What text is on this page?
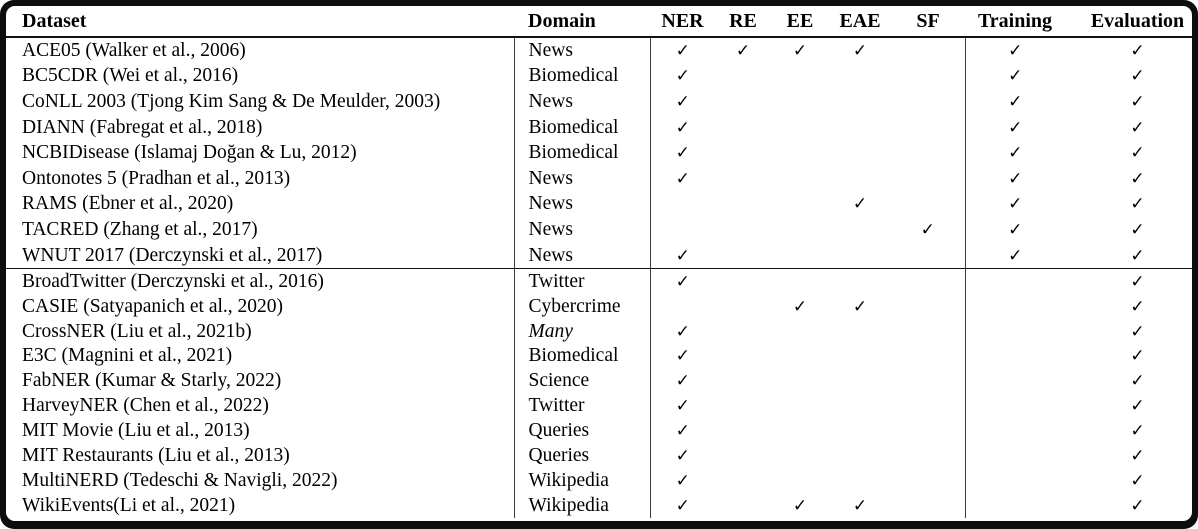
Dataset	Domain	NER	RE	EE	EAE	SF	Training	Evaluation
ACE05 (Walker et al., 2006)	News	✓	✓	✓	✓		✓	✓
BC5CDR (Wei et al., 2016)	Biomedical	✓					✓	✓
CoNLL 2003 (Tjong Kim Sang & De Meulder, 2003)	News	✓					✓	✓
DIANN (Fabregat et al., 2018)	Biomedical	✓					✓	✓
NCBIDisease (Islamaj Doğan & Lu, 2012)	Biomedical	✓					✓	✓
Ontonotes 5 (Pradhan et al., 2013)	News	✓					✓	✓
RAMS (Ebner et al., 2020)	News				✓		✓	✓
TACRED (Zhang et al., 2017)	News					✓	✓	✓
WNUT 2017 (Derczynski et al., 2017)	News	✓					✓	✓
BroadTwitter (Derczynski et al., 2016)	Twitter	✓						✓
CASIE (Satyapanich et al., 2020)	Cybercrime			✓	✓			✓
CrossNER (Liu et al., 2021b)	Many	✓						✓
E3C (Magnini et al., 2021)	Biomedical	✓						✓
FabNER (Kumar & Starly, 2022)	Science	✓						✓
HarveyNER (Chen et al., 2022)	Twitter	✓						✓
MIT Movie (Liu et al., 2013)	Queries	✓						✓
MIT Restaurants (Liu et al., 2013)	Queries	✓						✓
MultiNERD (Tedeschi & Navigli, 2022)	Wikipedia	✓						✓
WikiEvents(Li et al., 2021)	Wikipedia	✓		✓	✓			✓
